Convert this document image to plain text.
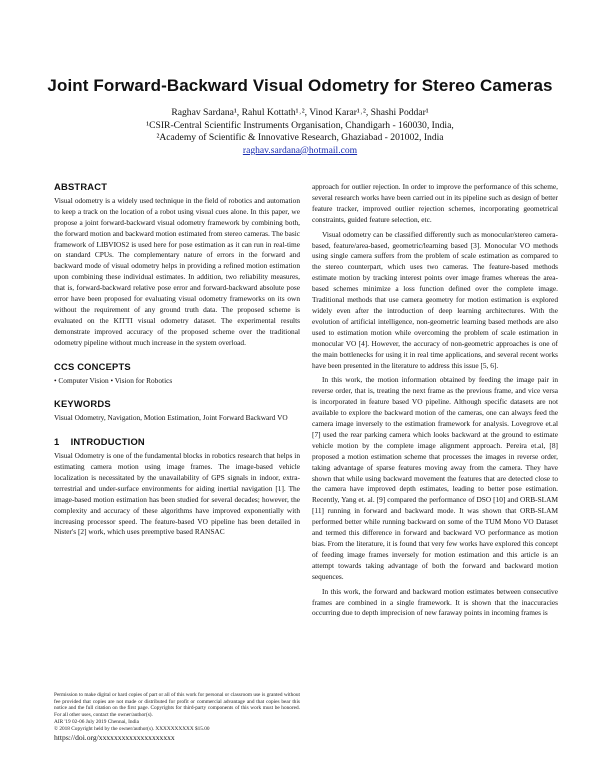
Joint Forward-Backward Visual Odometry for Stereo Cameras
Raghav Sardana¹, Rahul Kottath¹˒², Vinod Karar¹˒², Shashi Poddar¹
¹CSIR-Central Scientific Instruments Organisation, Chandigarh - 160030, India,
²Academy of Scientific & Innovative Research, Ghaziabad - 201002, India
raghav.sardana@hotmail.com
ABSTRACT
Visual odometry is a widely used technique in the field of robotics and automation to keep a track on the location of a robot using visual cues alone. In this paper, we propose a joint forward-backward visual odometry framework by combining both, the forward motion and backward motion estimated from stereo cameras. The basic framework of LIBVIOS2 is used here for pose estimation as it can run in real-time on standard CPUs. The complementary nature of errors in the forward and backward mode of visual odometry helps in providing a refined motion estimation upon combining these individual estimates. In addition, two reliability measures, that is, forward-backward relative pose error and forward-backward absolute pose error have been proposed for evaluating visual odometry frameworks on its own without the requirement of any ground truth data. The proposed scheme is evaluated on the KITTI visual odometry dataset. The experimental results demonstrate improved accuracy of the proposed scheme over the traditional odometry pipeline without much increase in the system overload.
CCS CONCEPTS
• Computer Vision • Vision for Robotics
KEYWORDS
Visual Odometry, Navigation, Motion Estimation, Joint Forward Backward VO
1    INTRODUCTION
Visual Odometry is one of the fundamental blocks in robotics research that helps in estimating camera motion using image frames. The image-based vehicle localization is necessitated by the unavailability of GPS signals in indoor, extra-terrestrial and under-surface environments for aiding inertial navigation [1]. The image-based motion estimation has been studied for several decades; however, the complexity and accuracy of these algorithms have improved exponentially with increasing processor speed. The feature-based VO pipeline has been detailed in Nister's [2] work, which uses preemptive based RANSAC
Permission to make digital or hard copies of part or all of this work for personal or classroom use is granted without fee provided that copies are not made or distributed for profit or commercial advantage and that copies bear this notice and the full citation on the first page. Copyrights for third-party components of this work must be honored. For all other uses, contact the owner/author(s).
AIR '19 02-06 July 2019 Chennai, India
© 2018 Copyright held by the owner/author(s). XXXXXXXXXX $15.00
https://doi.org/xxxxxxxxxxxxxxxxxxxx
approach for outlier rejection. In order to improve the performance of this scheme, several research works have been carried out in its pipeline such as design of better feature tracker, improved outlier rejection schemes, incorporating geometrical constraints, guided feature selection, etc.
Visual odometry can be classified differently such as monocular/stereo camera-based, feature/area-based, geometric/learning based [3]. Monocular VO methods using single camera suffers from the problem of scale estimation as compared to the stereo counterpart, which uses two cameras. The feature-based methods estimate motion by tracking interest points over image frames whereas the area-based schemes minimize a loss function defined over the complete image. Traditional methods that use camera geometry for motion estimation is explored widely even after the introduction of deep learning architectures. With the evolution of artificial intelligence, non-geometric learning based methods are also used to estimation motion while overcoming the problem of scale estimation in monocular VO [4]. However, the accuracy of non-geometric approaches is one of the main bottlenecks for using it in real time applications, and several recent works have been presented in the literature to address this issue [5, 6].
In this work, the motion information obtained by feeding the image pair in reverse order, that is, treating the next frame as the previous frame, and vice versa is incorporated in feature based VO pipeline. Although specific datasets are not available to explore the backward motion of the cameras, one can always feed the camera image inversely to the estimation framework for analysis. Lovegrove et.al [7] used the rear parking camera which looks backward at the ground to estimate vehicle motion by the complete image alignment approach. Pereira et.al, [8] proposed a motion estimation scheme that processes the images in reverse order, taking advantage of sparse features moving away from the camera. They have shown that while using backward movement the features that are detected close to the camera have improved depth estimates, leading to better pose estimation. Recently, Yang et. al. [9] compared the performance of DSO [10] and ORB-SLAM [11] running in forward and backward mode. It was shown that ORB-SLAM performed better while running backward on some of the TUM Mono VO Dataset and termed this difference in forward and backward VO performance as motion bias. From the literature, it is found that very few works have explored this concept of feeding image frames inversely for motion estimation and this article is an attempt towards taking advantage of both the forward and backward motion sequences.
In this work, the forward and backward motion estimates between consecutive frames are combined in a single framework. It is shown that the inaccuracies occurring due to depth imprecision of new faraway points in incoming frames is
